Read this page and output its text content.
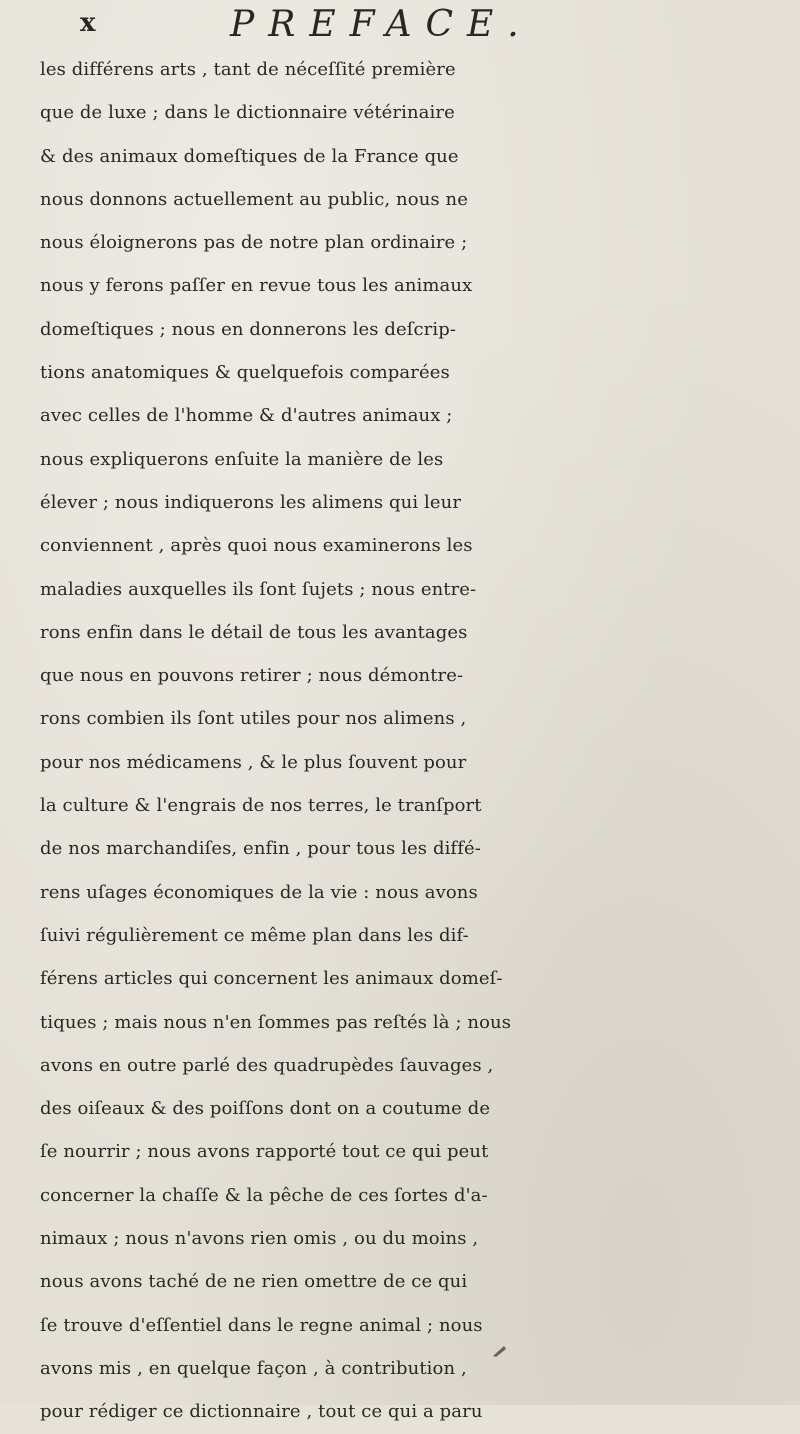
x	PREFACE.
les différens arts , tant de néceſſité première
que de luxe ; dans le dictionnaire vétérinaire
& des animaux domeſtiques de la France que
nous donnons actuellement au public, nous ne
nous éloignerons pas de notre plan ordinaire ;
nous y ferons paſſer en revue tous les animaux
domeſtiques ; nous en donnerons les deſcrip-
tions anatomiques & quelquefois comparées
avec celles de l'homme & d'autres animaux ;
nous expliquerons enſuite la manière de les
élever ; nous indiquerons les alimens qui leur
conviennent , après quoi nous examinerons les
maladies auxquelles ils ſont ſujets ; nous entre-
rons enfin dans le détail de tous les avantages
que nous en pouvons retirer ; nous démontre-
rons combien ils ſont utiles pour nos alimens ,
pour nos médicamens , & le plus ſouvent pour
la culture & l'engrais de nos terres, le tranſport
de nos marchandiſes, enfin , pour tous les diffé-
rens uſages économiques de la vie : nous avons
ſuivi régulièrement ce même plan dans les dif-
férens articles qui concernent les animaux domeſ-
tiques ; mais nous n'en ſommes pas reſtés là ; nous
avons en outre parlé des quadrupèdes ſauvages ,
des oiſeaux & des poiſſons dont on a coutume de
ſe nourrir ; nous avons rapporté tout ce qui peut
concerner la chaſſe & la pêche de ces ſortes d'a-
nimaux ; nous n'avons rien omis , ou du moins ,
nous avons taché de ne rien omettre de ce qui
ſe trouve d'eſſentiel dans le regne animal ; nous
avons mis , en quelque façon , à contribution ,
pour rédiger ce dictionnaire , tout ce qui a paru
